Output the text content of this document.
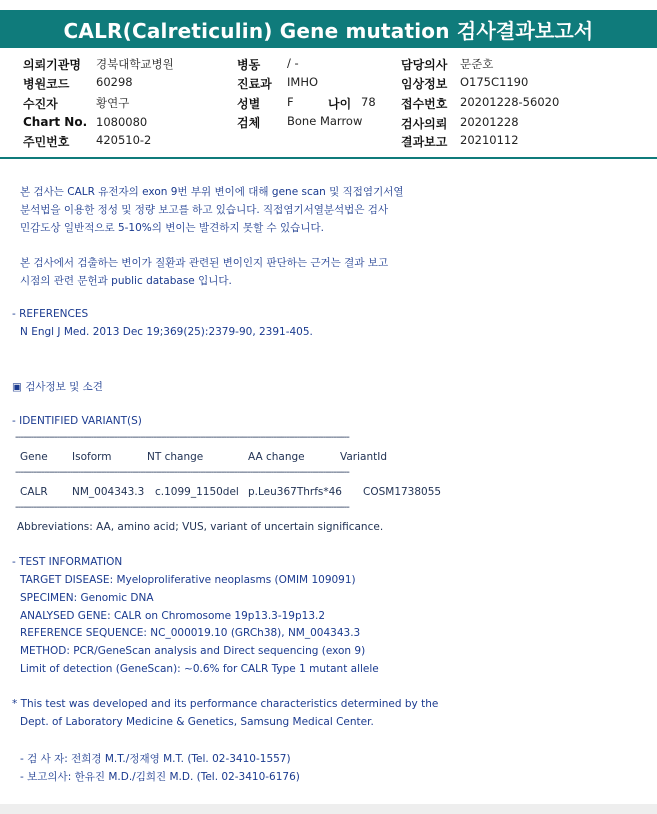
CALR(Calreticulin) Gene mutation 검사결과보고서
의뢰기관명 경북대학교병원
병원코드 60298
수진자	황연구
Chart No. 1080080
주민번호 420510-2
병동 / -
진료과 IMHO
성별 F	나이 78
검체 Bone Marrow
담당의사 문준호
임상정보 O175C1190
접수번호 20201228-56020
검사의뢰 20201228
결과보고 20210112
본 검사는 CALR 유전자의 exon 9번 부위 변이에 대해 gene scan 및 직접염기서열
분석법을 이용한 정성 및 정량 보고를 하고 있습니다. 직접염기서열분석법은 검사
민감도상 일반적으로 5-10%의 변이는 발견하지 못할 수 있습니다.
본 검사에서 검출하는 변이가 질환과 관련된 변이인지 판단하는 근거는 결과 보고
시점의 관련 문헌과 public database 입니다.
- REFERENCES
N Engl J Med. 2013 Dec 19;369(25):2379-90, 2391-405.
▣ 검사정보 및 소견
- IDENTIFIED VARIANT(S)
--------------------------------------------------------------------------------------------------------------------------------
Gene Isoform	NT change	AA change	VariantId
--------------------------------------------------------------------------------------------------------------------------------
CALR NM_004343.3 c.1099_1150del p.Leu367Thrfs*46 COSM1738055
--------------------------------------------------------------------------------------------------------------------------------
Abbreviations: AA, amino acid; VUS, variant of uncertain significance.
- TEST INFORMATION
TARGET DISEASE: Myeloproliferative neoplasms (OMIM 109091)
SPECIMEN: Genomic DNA
ANALYSED GENE: CALR on Chromosome 19p13.3-19p13.2
REFERENCE SEQUENCE: NC_000019.10 (GRCh38), NM_004343.3
METHOD: PCR/GeneScan analysis and Direct sequencing (exon 9)
Limit of detection (GeneScan): ~0.6% for CALR Type 1 mutant allele
* This test was developed and its performance characteristics determined by the
Dept. of Laboratory Medicine & Genetics, Samsung Medical Center.
- 검 사 자: 전희경 M.T./정재영 M.T. (Tel. 02-3410-1557)
- 보고의사: 한유진 M.D./김희진 M.D. (Tel. 02-3410-6176)
